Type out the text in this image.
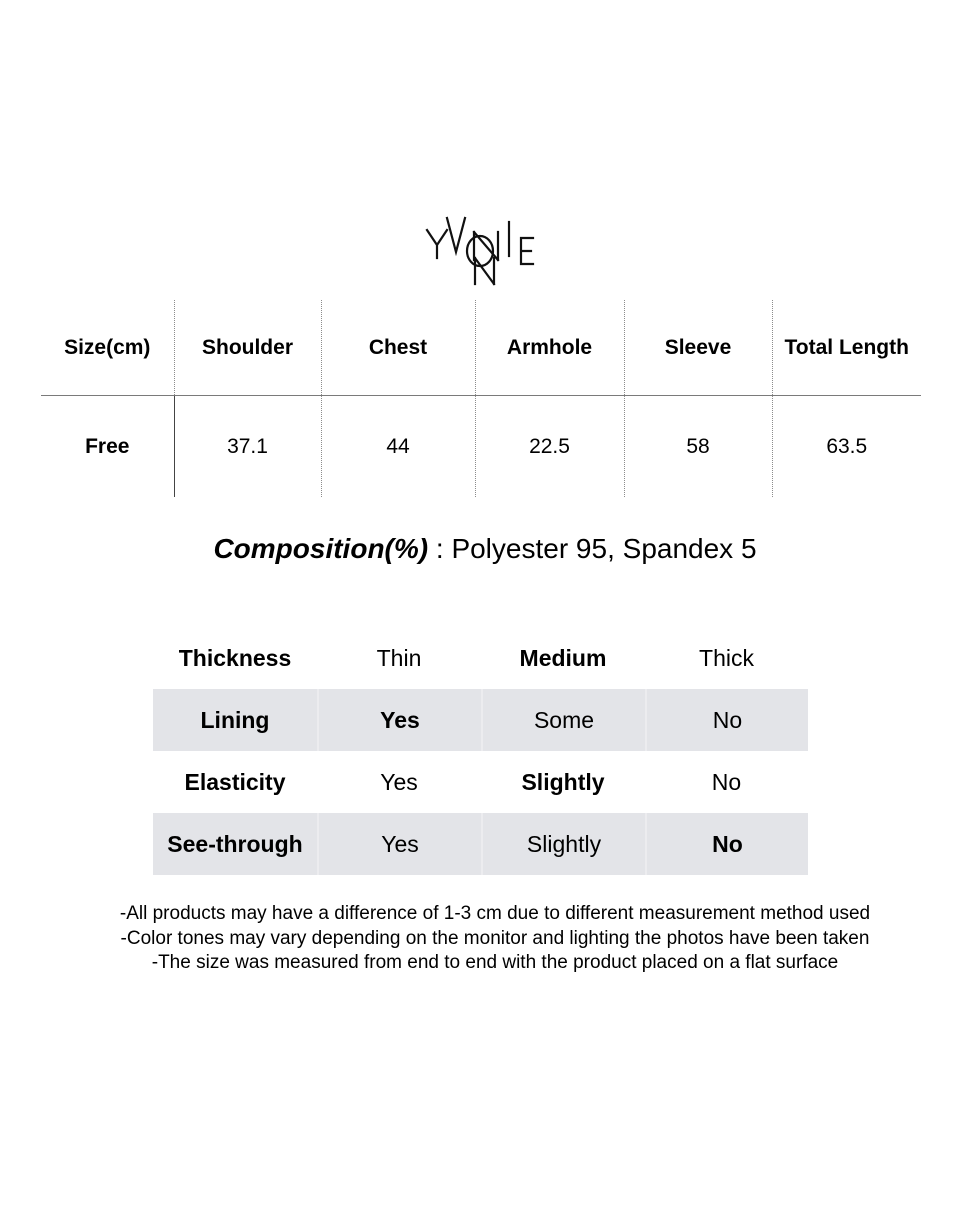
Size(cm)	Shoulder	Chest	Armhole	Sleeve	Total Length
Free	37.1	44	22.5	58	63.5
Composition(%) : Polyester 95, Spandex 5
Thickness	Thin	Medium	Thick
Lining	Yes	Some	No
Elasticity	Yes	Slightly	No
See-through	Yes	Slightly	No
-All products may have a difference of 1-3 cm due to different measurement method used
-Color tones may vary depending on the monitor and lighting the photos have been taken
-The size was measured from end to end with the product placed on a flat surface
